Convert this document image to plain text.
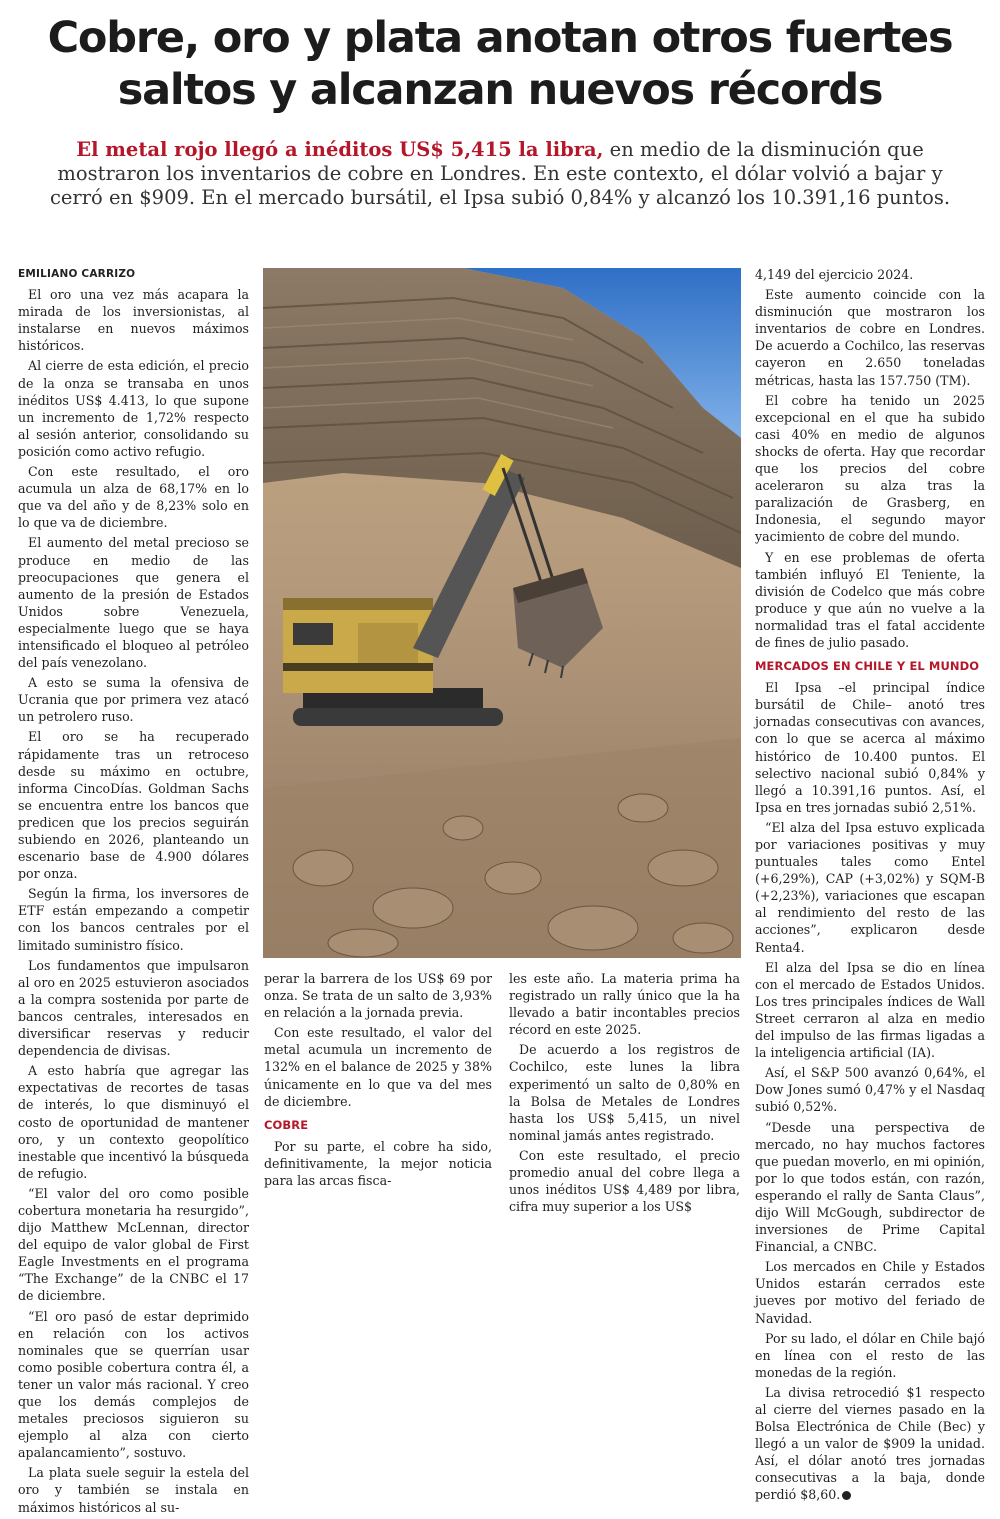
Cobre, oro y plata anotan otros fuertes saltos y alcanzan nuevos récords

El metal rojo llegó a inéditos US$ 5,415 la libra, en medio de la disminución que mostraron los inventarios de cobre en Londres. En este contexto, el dólar volvió a bajar y cerró en $909. En el mercado bursátil, el Ipsa subió 0,84% y alcanzó los 10.391,16 puntos.

EMILIANO CARRIZO

El oro una vez más acapara la mirada de los inversionistas, al instalarse en nuevos máximos históricos.

Al cierre de esta edición, el precio de la onza se transaba en unos inéditos US$ 4.413, lo que supone un incremento de 1,72% respecto al sesión anterior, consolidando su posición como activo refugio.

Con este resultado, el oro acumula un alza de 68,17% en lo que va del año y de 8,23% solo en lo que va de diciembre.

El aumento del metal precioso se produce en medio de las preocupaciones que genera el aumento de la presión de Estados Unidos sobre Venezuela, especialmente luego que se haya intensificado el bloqueo al petróleo del país venezolano.

A esto se suma la ofensiva de Ucrania que por primera vez atacó un petrolero ruso.

El oro se ha recuperado rápidamente tras un retroceso desde su máximo en octubre, informa CincoDías. Goldman Sachs se encuentra entre los bancos que predicen que los precios seguirán subiendo en 2026, planteando un escenario base de 4.900 dólares por onza.

Según la firma, los inversores de ETF están empezando a competir con los bancos centrales por el limitado suministro físico.

Los fundamentos que impulsaron al oro en 2025 estuvieron asociados a la compra sostenida por parte de bancos centrales, interesados en diversificar reservas y reducir dependencia de divisas.

A esto habría que agregar las expectativas de recortes de tasas de interés, lo que disminuyó el costo de oportunidad de mantener oro, y un contexto geopolítico inestable que incentivó la búsqueda de refugio.

“El valor del oro como posible cobertura monetaria ha resurgido”, dijo Matthew McLennan, director del equipo de valor global de First Eagle Investments en el programa “The Exchange” de la CNBC el 17 de diciembre.

“El oro pasó de estar deprimido en relación con los activos nominales que se querrían usar como posible cobertura contra él, a tener un valor más racional. Y creo que los demás complejos de metales preciosos siguieron su ejemplo al alza con cierto apalancamiento”, sostuvo.

La plata suele seguir la estela del oro y también se instala en máximos históricos al su-

perar la barrera de los US$ 69 por onza. Se trata de un salto de 3,93% en relación a la jornada previa.

Con este resultado, el valor del metal acumula un incremento de 132% en el balance de 2025 y 38% únicamente en lo que va del mes de diciembre.

COBRE

Por su parte, el cobre ha sido, definitivamente, la mejor noticia para las arcas fisca-

les este año. La materia prima ha registrado un rally único que la ha llevado a batir incontables precios récord en este 2025.

De acuerdo a los registros de Cochilco, este lunes la libra experimentó un salto de 0,80% en la Bolsa de Metales de Londres hasta los US$ 5,415, un nivel nominal jamás antes registrado.

Con este resultado, el precio promedio anual del cobre llega a unos inéditos US$ 4,489 por libra, cifra muy superior a los US$

4,149 del ejercicio 2024.

Este aumento coincide con la disminución que mostraron los inventarios de cobre en Londres. De acuerdo a Cochilco, las reservas cayeron en 2.650 toneladas métricas, hasta las 157.750 (TM).

El cobre ha tenido un 2025 excepcional en el que ha subido casi 40% en medio de algunos shocks de oferta. Hay que recordar que los precios del cobre aceleraron su alza tras la paralización de Grasberg, en Indonesia, el segundo mayor yacimiento de cobre del mundo.

Y en ese problemas de oferta también influyó El Teniente, la división de Codelco que más cobre produce y que aún no vuelve a la normalidad tras el fatal accidente de fines de julio pasado.

MERCADOS EN CHILE Y EL MUNDO

El Ipsa –el principal índice bursátil de Chile– anotó tres jornadas consecutivas con avances, con lo que se acerca al máximo histórico de 10.400 puntos. El selectivo nacional subió 0,84% y llegó a 10.391,16 puntos. Así, el Ipsa en tres jornadas subió 2,51%.

“El alza del Ipsa estuvo explicada por variaciones positivas y muy puntuales tales como Entel (+6,29%), CAP (+3,02%) y SQM-B (+2,23%), variaciones que escapan al rendimiento del resto de las acciones”, explicaron desde Renta4.

El alza del Ipsa se dio en línea con el mercado de Estados Unidos. Los tres principales índices de Wall Street cerraron al alza en medio del impulso de las firmas ligadas a la inteligencia artificial (IA).

Así, el S&P 500 avanzó 0,64%, el Dow Jones sumó 0,47% y el Nasdaq subió 0,52%.

“Desde una perspectiva de mercado, no hay muchos factores que puedan moverlo, en mi opinión, por lo que todos están, con razón, esperando el rally de Santa Claus”, dijo Will McGough, subdirector de inversiones de Prime Capital Financial, a CNBC.

Los mercados en Chile y Estados Unidos estarán cerrados este jueves por motivo del feriado de Navidad.

Por su lado, el dólar en Chile bajó en línea con el resto de las monedas de la región.

La divisa retrocedió $1 respecto al cierre del viernes pasado en la Bolsa Electrónica de Chile (Bec) y llegó a un valor de $909 la unidad. Así, el dólar anotó tres jornadas consecutivas a la baja, donde perdió $8,60.
